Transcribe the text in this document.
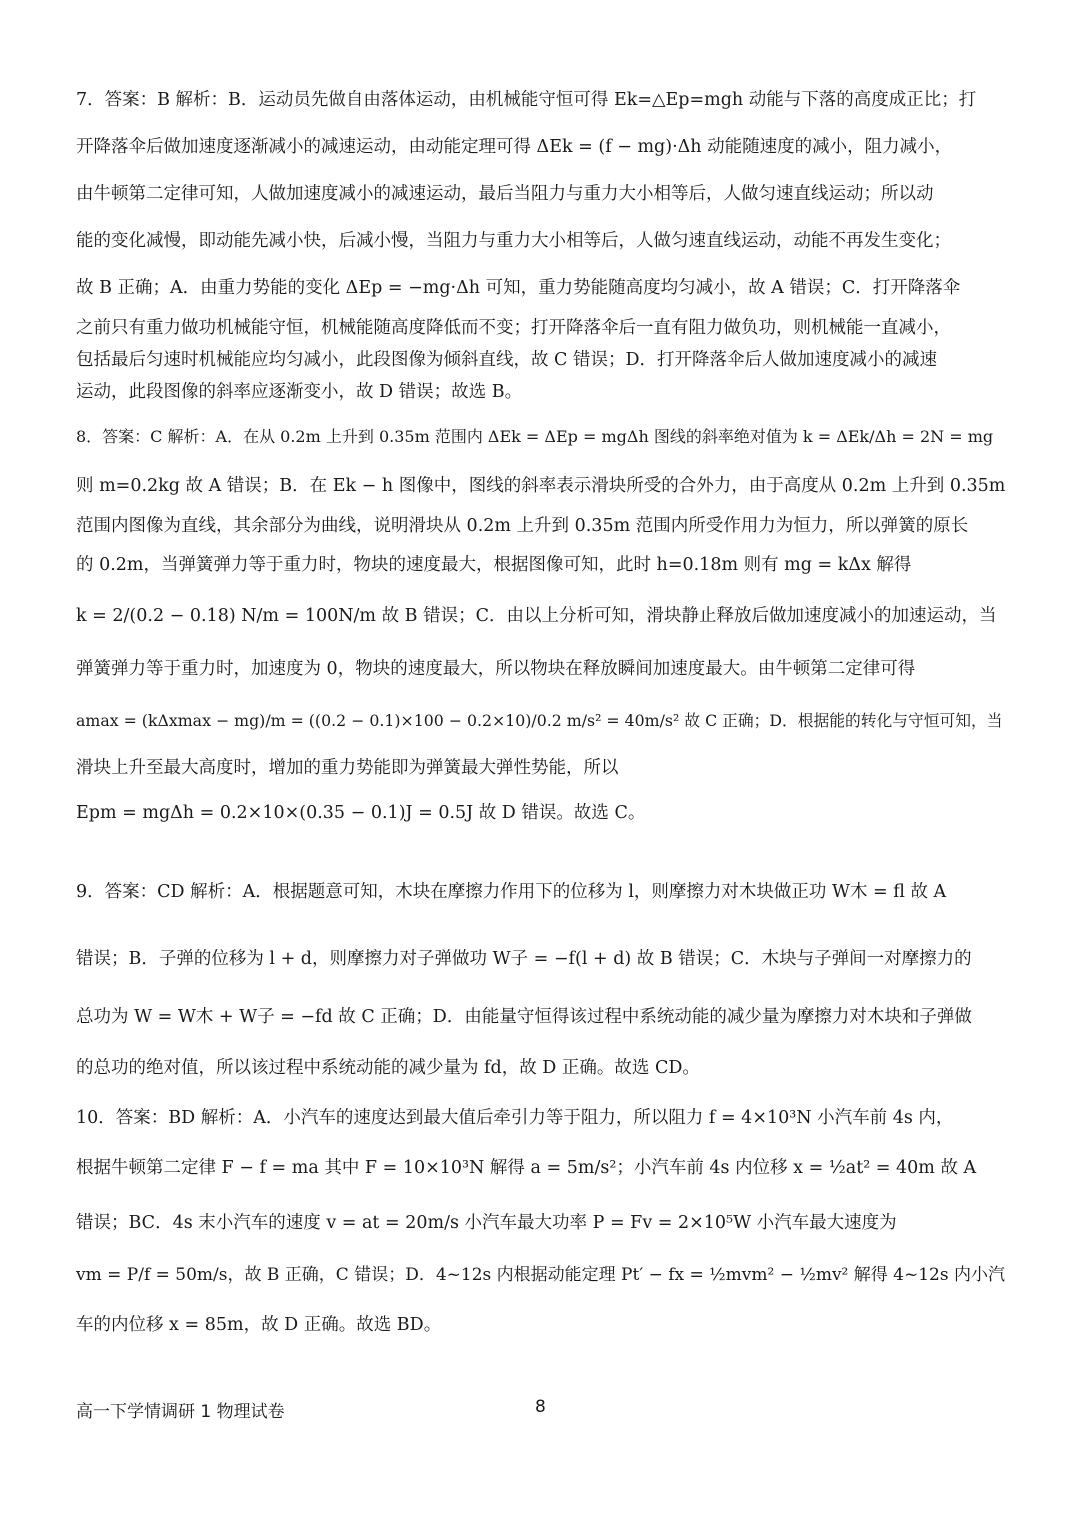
7．答案：B 解析：B．运动员先做自由落体运动，由机械能守恒可得 Ek=△Ep=mgh 动能与下落的高度成正比；打
开降落伞后做加速度逐渐减小的减速运动，由动能定理可得 ΔEk = (f − mg)·Δh 动能随速度的减小，阻力减小，
由牛顿第二定律可知，人做加速度减小的减速运动，最后当阻力与重力大小相等后，人做匀速直线运动；所以动
能的变化减慢，即动能先减小快，后减小慢，当阻力与重力大小相等后，人做匀速直线运动，动能不再发生变化；
故 B 正确；A．由重力势能的变化 ΔEp = −mg·Δh 可知，重力势能随高度均匀减小，故 A 错误；C．打开降落伞
之前只有重力做功机械能守恒，机械能随高度降低而不变；打开降落伞后一直有阻力做负功，则机械能一直减小，
包括最后匀速时机械能应均匀减小，此段图像为倾斜直线，故 C 错误；D．打开降落伞后人做加速度减小的减速
运动，此段图像的斜率应逐渐变小，故 D 错误；故选 B。
8．答案：C 解析：A．在从 0.2m 上升到 0.35m 范围内 ΔEk = ΔEp = mgΔh 图线的斜率绝对值为 k = ΔEk/Δh = 2N = mg
则 m=0.2kg 故 A 错误；B．在 Ek − h 图像中，图线的斜率表示滑块所受的合外力，由于高度从 0.2m 上升到 0.35m
范围内图像为直线，其余部分为曲线，说明滑块从 0.2m 上升到 0.35m 范围内所受作用力为恒力，所以弹簧的原长
的 0.2m，当弹簧弹力等于重力时，物块的速度最大，根据图像可知，此时 h=0.18m 则有 mg = kΔx 解得
k = 2/(0.2 − 0.18) N/m = 100N/m 故 B 错误；C．由以上分析可知，滑块静止释放后做加速度减小的加速运动，当
弹簧弹力等于重力时，加速度为 0，物块的速度最大，所以物块在释放瞬间加速度最大。由牛顿第二定律可得
amax = (kΔxmax − mg)/m = ((0.2 − 0.1)×100 − 0.2×10)/0.2 m/s² = 40m/s² 故 C 正确；D．根据能的转化与守恒可知，当
滑块上升至最大高度时，增加的重力势能即为弹簧最大弹性势能，所以
Epm = mgΔh = 0.2×10×(0.35 − 0.1)J = 0.5J 故 D 错误。故选 C。
9．答案：CD 解析：A．根据题意可知，木块在摩擦力作用下的位移为 l，则摩擦力对木块做正功 W木 = fl 故 A
错误；B．子弹的位移为 l + d，则摩擦力对子弹做功 W子 = −f(l + d) 故 B 错误；C．木块与子弹间一对摩擦力的
总功为 W = W木 + W子 = −fd 故 C 正确；D．由能量守恒得该过程中系统动能的减少量为摩擦力对木块和子弹做
的总功的绝对值，所以该过程中系统动能的减少量为 fd，故 D 正确。故选 CD。
10．答案：BD 解析：A．小汽车的速度达到最大值后牵引力等于阻力，所以阻力 f = 4×10³N 小汽车前 4s 内，
根据牛顿第二定律 F − f = ma 其中 F = 10×10³N 解得 a = 5m/s²；小汽车前 4s 内位移 x = ½at² = 40m 故 A
错误；BC．4s 末小汽车的速度 v = at = 20m/s 小汽车最大功率 P = Fv = 2×10⁵W 小汽车最大速度为
vm = P/f = 50m/s，故 B 正确，C 错误；D．4~12s 内根据动能定理 Pt′ − fx = ½mvm² − ½mv² 解得 4~12s 内小汽
车的内位移 x = 85m，故 D 正确。故选 BD。
高一下学情调研 1 物理试卷	8
